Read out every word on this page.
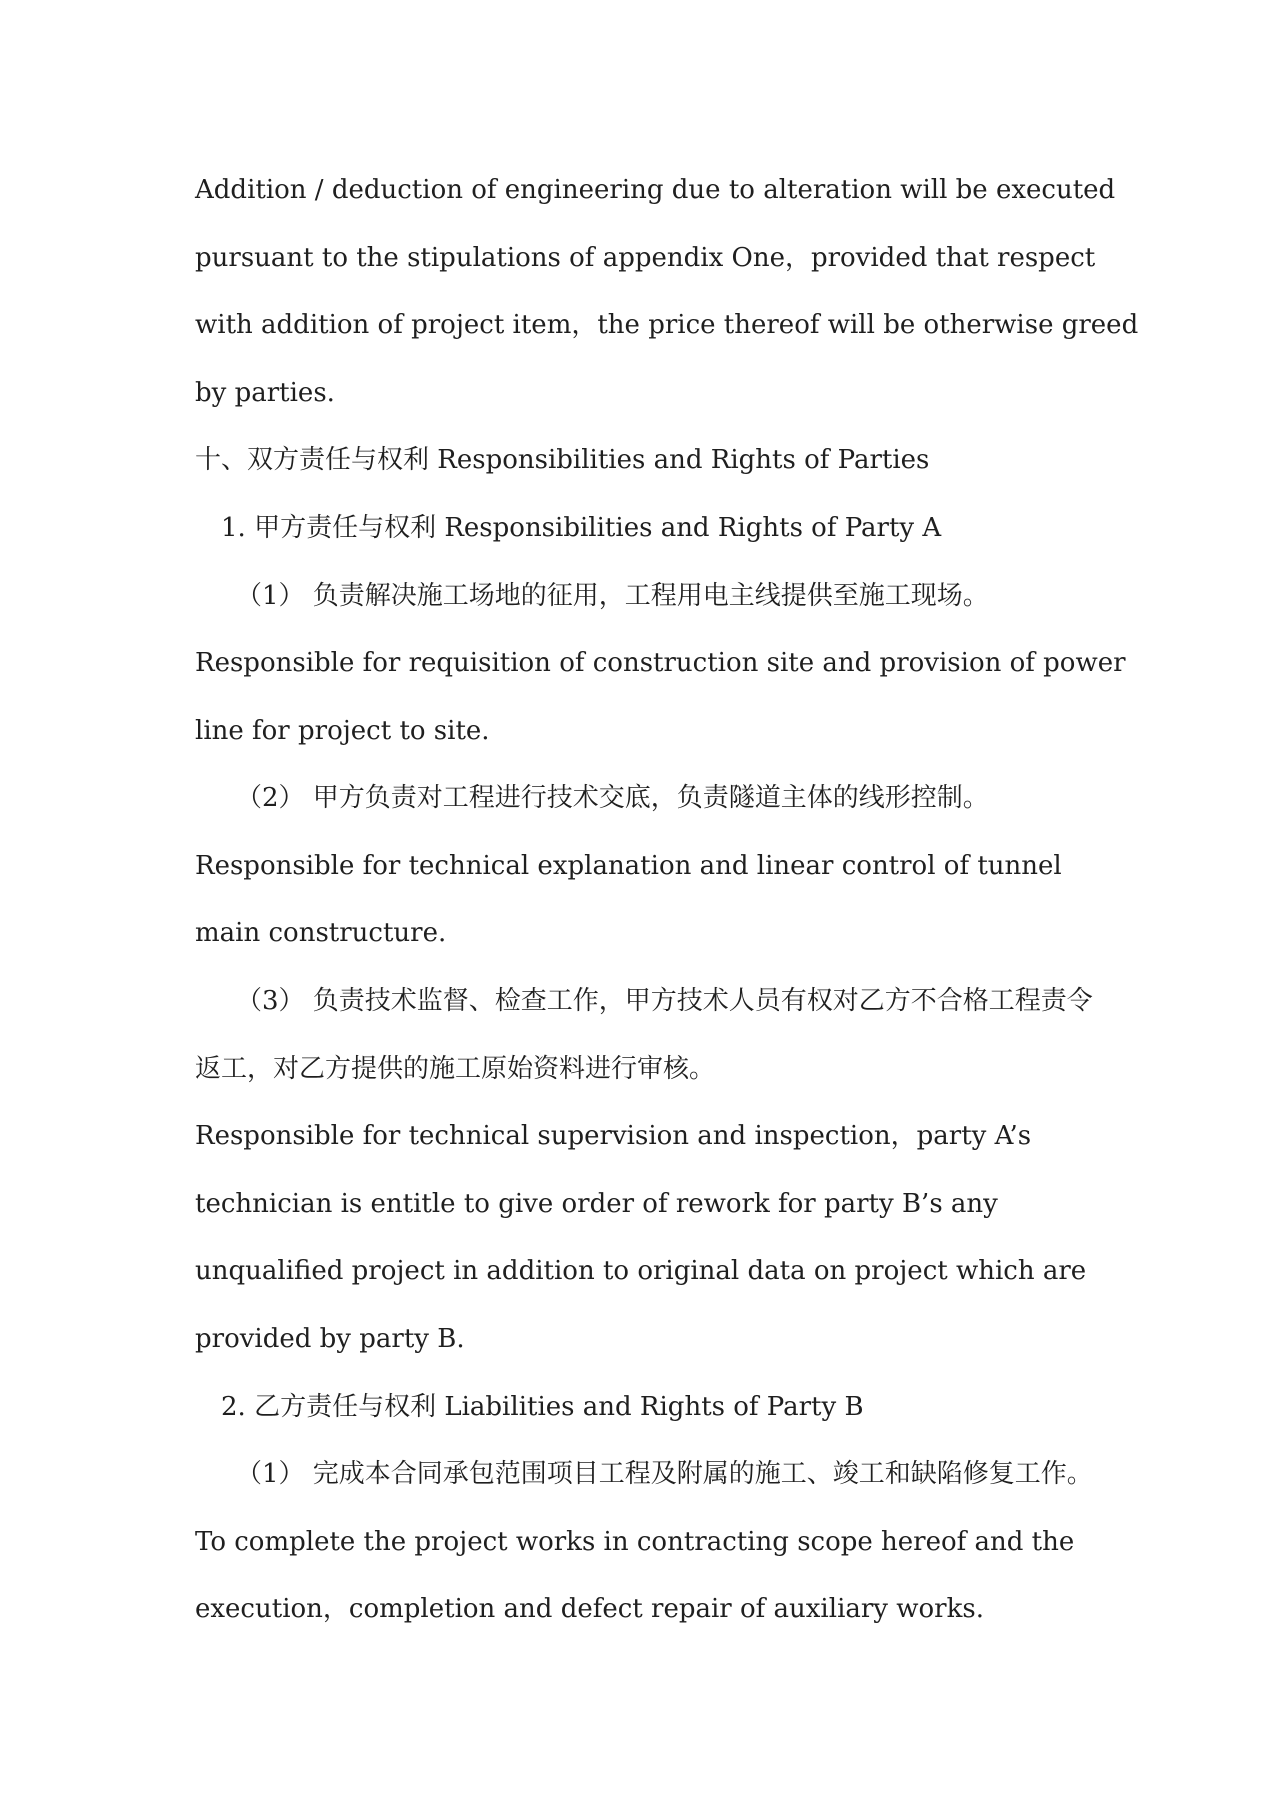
Addition / deduction of engineering due to alteration will be executed
pursuant to the stipulations of appendix One，provided that respect
with addition of project item，the price thereof will be otherwise greed
by parties.
十、双方责任与权利 Responsibilities and Rights of Parties
1. 甲方责任与权利 Responsibilities and Rights of Party A
（1） 负责解决施工场地的征用，工程用电主线提供至施工现场。
Responsible for requisition of construction site and provision of power
line for project to site.
（2） 甲方负责对工程进行技术交底，负责隧道主体的线形控制。
Responsible for technical explanation and linear control of tunnel
main constructure.
（3） 负责技术监督、检查工作，甲方技术人员有权对乙方不合格工程责令
返工，对乙方提供的施工原始资料进行审核。
Responsible for technical supervision and inspection，party A’s
technician is entitle to give order of rework for party B’s any
unqualified project in addition to original data on project which are
provided by party B.
2. 乙方责任与权利 Liabilities and Rights of Party B
（1） 完成本合同承包范围项目工程及附属的施工、竣工和缺陷修复工作。
To complete the project works in contracting scope hereof and the
execution，completion and defect repair of auxiliary works.
